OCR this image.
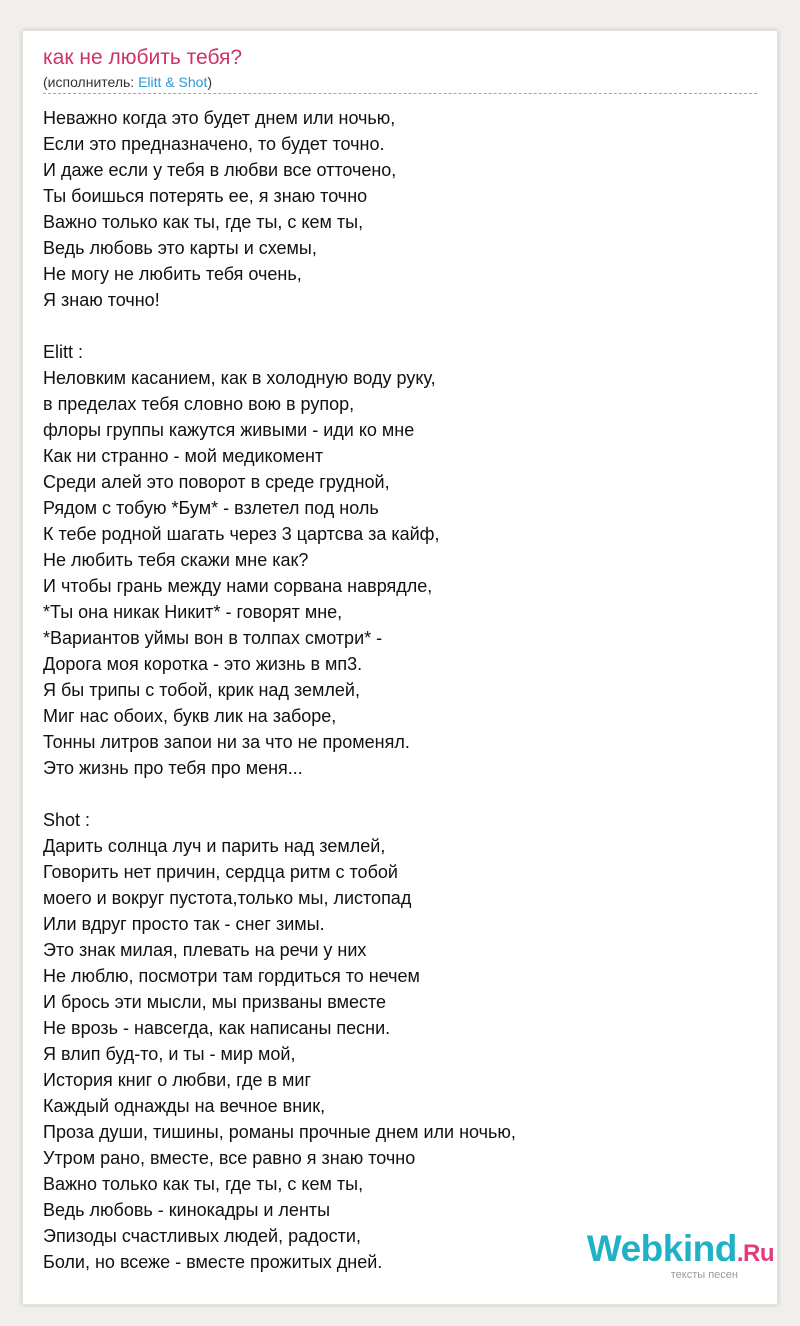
как не любить тебя?
(исполнитель: Elitt & Shot)
Неважно когда это будет днем или ночью,
Если это предназначено, то будет точно.
И даже если у тебя в любви все отточено,
Ты боишься потерять ее, я знаю точно
Важно только как ты, где ты, с кем ты,
Ведь любовь это карты и схемы,
Не могу не любить тебя очень,
Я знаю точно!
Elitt :
Неловким касанием, как в холодную воду руку,
в пределах тебя словно вою в рупор,
флоры группы кажутся живыми - иди ко мне
Как ни странно - мой медикомент
Среди алей это поворот в среде грудной,
Рядом с тобую *Бум* - взлетел под ноль
К тебе родной шагать через 3 цартсва за кайф,
Не любить тебя скажи мне как?
И чтобы грань между нами сорвана наврядле,
*Ты она никак Никит* - говорят мне,
*Вариантов уймы вон в толпах смотри* -
Дорога моя коротка - это жизнь в мп3.
Я бы трипы с тобой, крик над землей,
Миг нас обоих, букв лик на заборе,
Тонны литров запои ни за что не променял.
Это жизнь про тебя про меня...
Shot :
Дарить солнца луч и парить над землей,
Говорить нет причин, сердца ритм с тобой
моего и вокруг пустота,только мы, листопад
Или вдруг просто так - снег зимы.
Это знак милая, плевать на речи у них
Не люблю, посмотри там гордиться то нечем
И брось эти мысли, мы призваны вместе
Не врозь - навсегда, как написаны песни.
Я влип буд-то, и ты - мир мой,
История книг о любви, где в миг
Каждый однажды на вечное вник,
Проза души, тишины, романы прочные днем или ночью,
Утром рано, вместе, все равно я знаю точно
Важно только как ты, где ты, с кем ты,
Ведь любовь - кинокадры и ленты
Эпизоды счастливых людей, радости,
Боли, но всеже - вместе прожитых дней.	Webkind.Ru
тексты песен
